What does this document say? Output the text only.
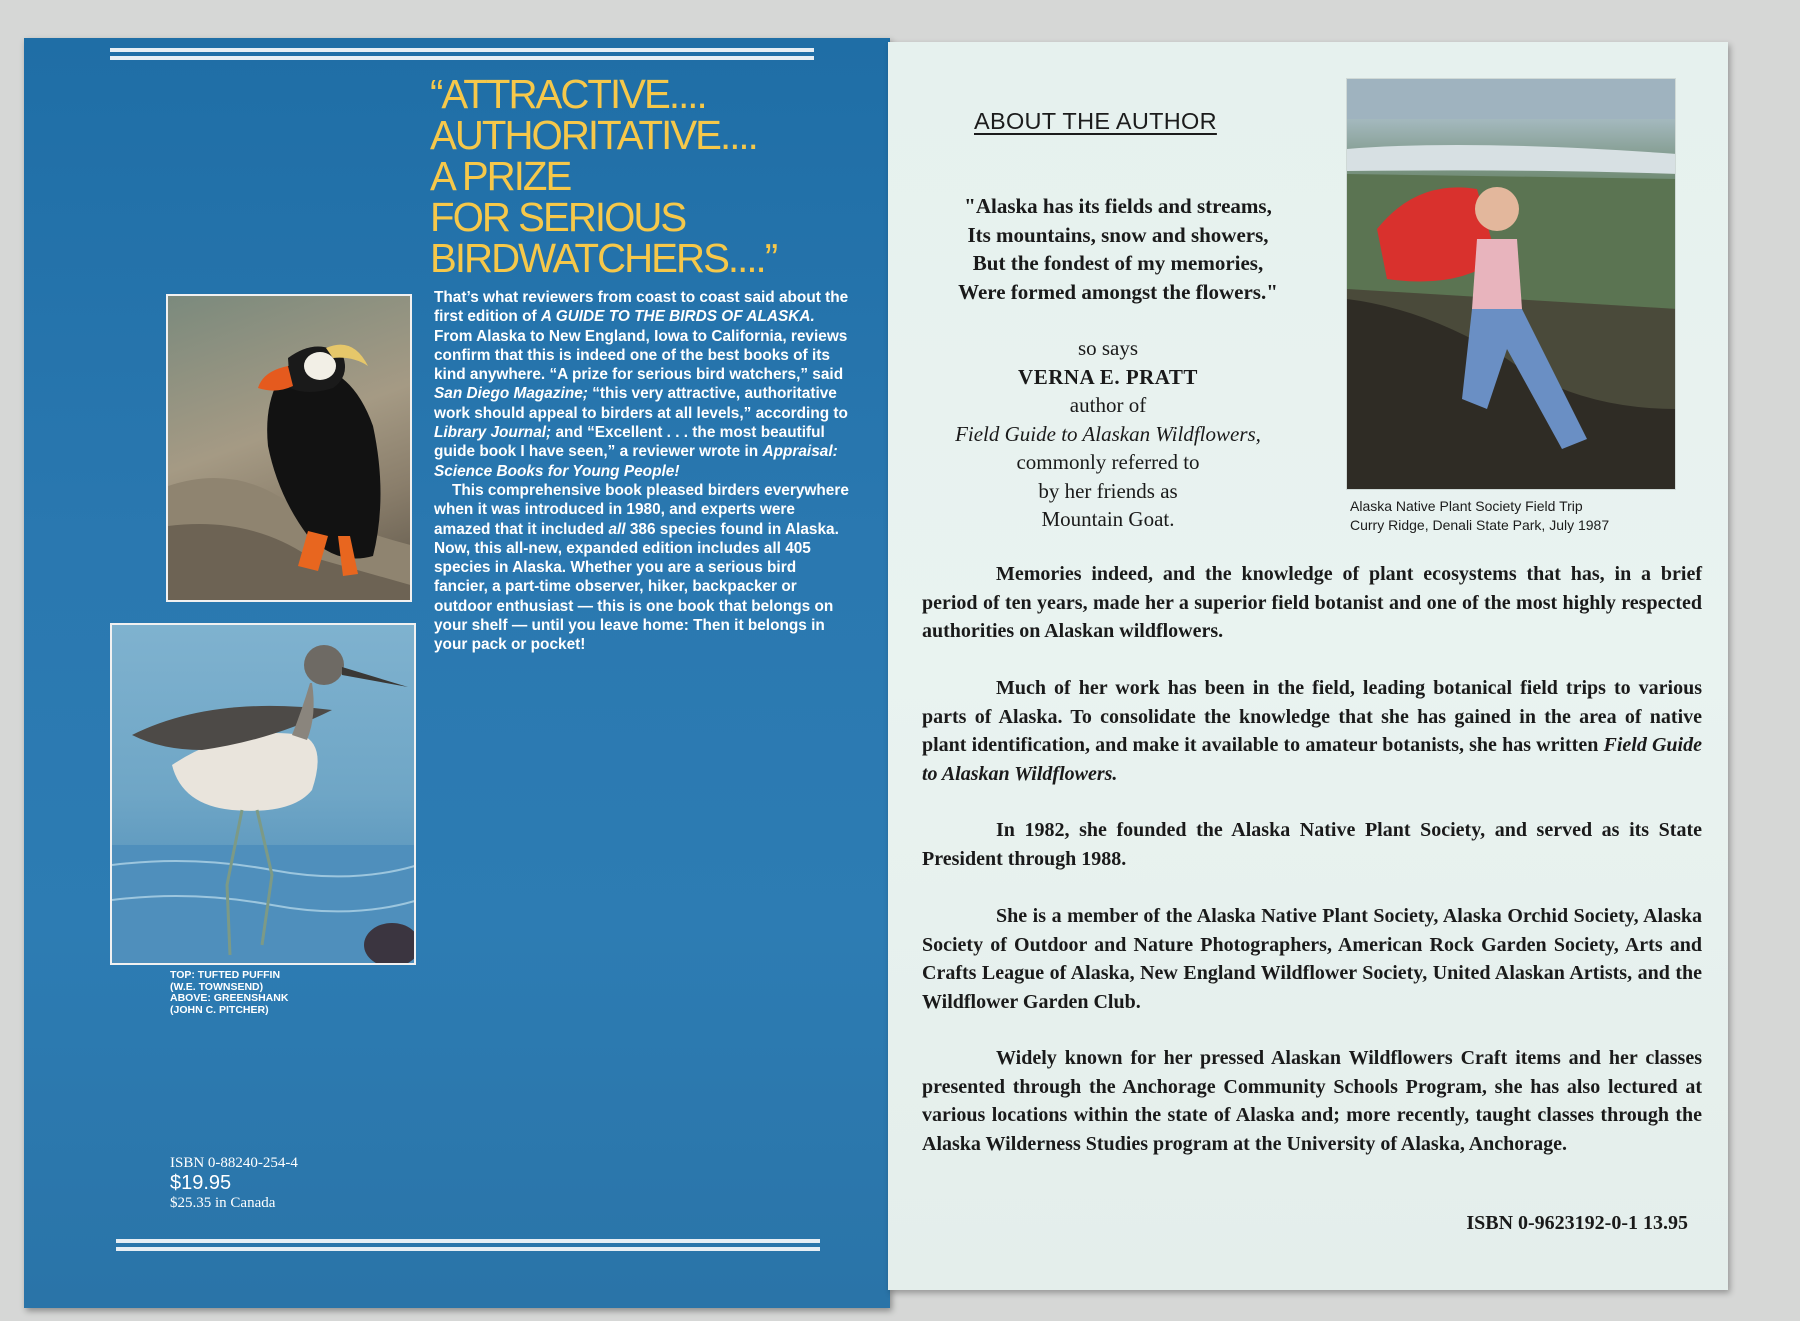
“ATTRACTIVE....
AUTHORITATIVE....
A PRIZE
FOR SERIOUS
BIRDWATCHERS....”

That’s what reviewers from coast to coast said about the first edition of A GUIDE TO THE BIRDS OF ALASKA. From Alaska to New England, Iowa to California, reviews confirm that this is indeed one of the best books of its kind anywhere. “A prize for serious bird watchers,” said San Diego Magazine; “this very attractive, authoritative work should appeal to birders at all levels,” according to Library Journal; and “Excellent . . . the most beautiful guide book I have seen,” a reviewer wrote in Appraisal: Science Books for Young People!

This comprehensive book pleased birders everywhere when it was introduced in 1980, and experts were amazed that it included all 386 species found in Alaska. Now, this all-new, expanded edition includes all 405 species in Alaska. Whether you are a serious bird fancier, a part-time observer, hiker, backpacker or outdoor enthusiast — this is one book that belongs on your shelf — until you leave home: Then it belongs in your pack or pocket!

TOP: TUFTED PUFFIN
(W.E. TOWNSEND)
ABOVE: GREENSHANK
(JOHN C. PITCHER)

ISBN 0-88240-254-4
$19.95
$25.35 in Canada
ABOUT THE AUTHOR
"Alaska has its fields and streams,
Its mountains, snow and showers,
But the fondest of my memories,
Were formed amongst the flowers."
so says
VERNA E. PRATT
author of
Field Guide to Alaskan Wildflowers,
commonly referred to
by her friends as
Mountain Goat.

Alaska Native Plant Society Field Trip
Curry Ridge, Denali State Park, July 1987

Memories indeed, and the knowledge of plant ecosystems that has, in a brief period of ten years, made her a superior field botanist and one of the most highly respected authorities on Alaskan wildflowers.

Much of her work has been in the field, leading botanical field trips to various parts of Alaska. To consolidate the knowledge that she has gained in the area of native plant identification, and make it available to amateur botanists, she has written Field Guide to Alaskan Wildflowers.

In 1982, she founded the Alaska Native Plant Society, and served as its State President through 1988.

She is a member of the Alaska Native Plant Society, Alaska Orchid Society, Alaska Society of Outdoor and Nature Photographers, American Rock Garden Society, Arts and Crafts League of Alaska, New England Wildflower Society, United Alaskan Artists, and the Wildflower Garden Club.

Widely known for her pressed Alaskan Wildflowers Craft items and her classes presented through the Anchorage Community Schools Program, she has also lectured at various locations within the state of Alaska and; more recently, taught classes through the Alaska Wilderness Studies program at the University of Alaska, Anchorage.

ISBN 0-9623192-0-1 13.95
